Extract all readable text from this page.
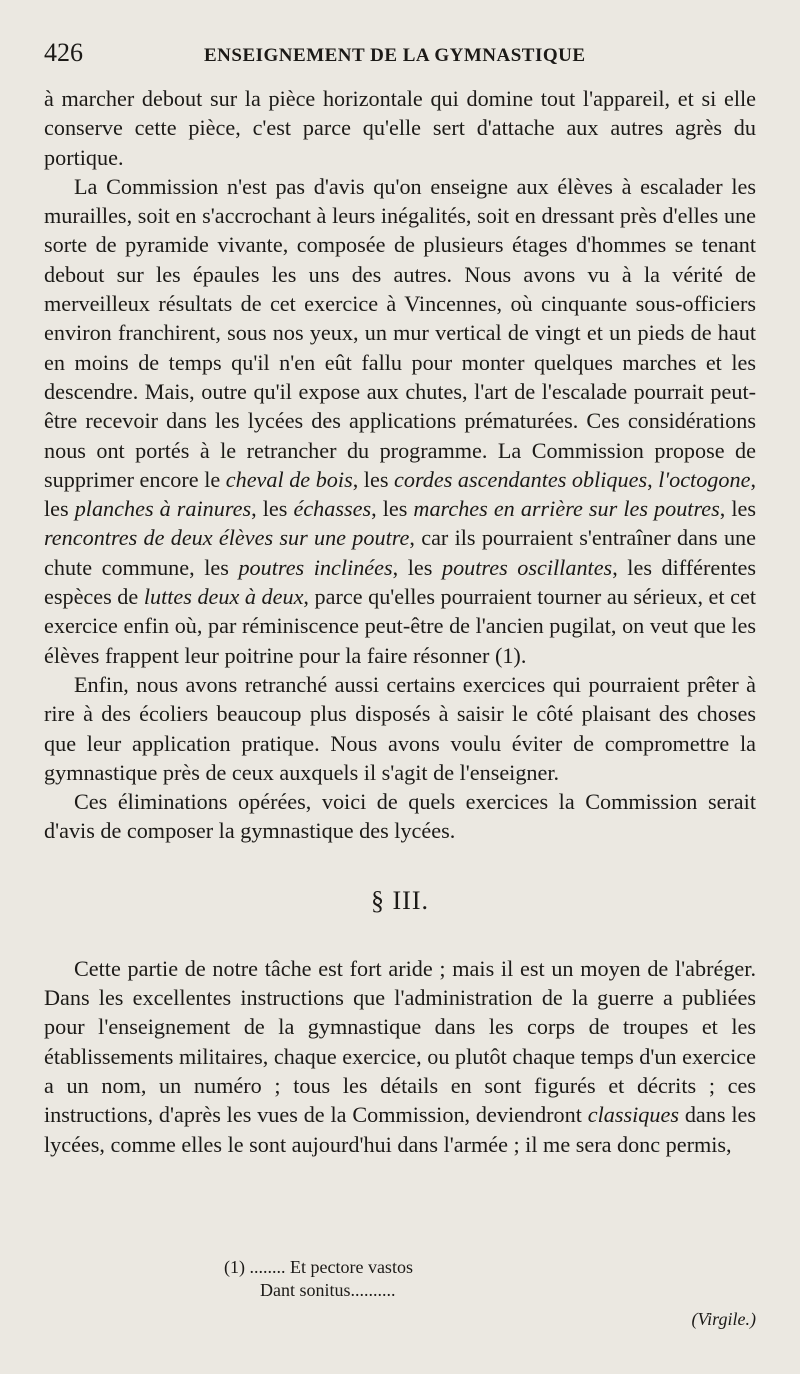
426	ENSEIGNEMENT DE LA GYMNASTIQUE

à marcher debout sur la pièce horizontale qui domine tout l'appareil, et si elle conserve cette pièce, c'est parce qu'elle sert d'attache aux autres agrès du portique.

La Commission n'est pas d'avis qu'on enseigne aux élèves à escalader les murailles, soit en s'accrochant à leurs inégalités, soit en dressant près d'elles une sorte de pyramide vivante, composée de plusieurs étages d'hommes se tenant debout sur les épaules les uns des autres. Nous avons vu à la vérité de merveilleux résultats de cet exercice à Vincennes, où cinquante sous-officiers environ franchirent, sous nos yeux, un mur vertical de vingt et un pieds de haut en moins de temps qu'il n'en eût fallu pour monter quelques marches et les descendre. Mais, outre qu'il expose aux chutes, l'art de l'escalade pourrait peut-être recevoir dans les lycées des applications prématurées. Ces considérations nous ont portés à le retrancher du programme. La Commission propose de supprimer encore le cheval de bois, les cordes ascendantes obliques, l'octogone, les planches à rainures, les échasses, les marches en arrière sur les poutres, les rencontres de deux élèves sur une poutre, car ils pourraient s'entraîner dans une chute commune, les poutres inclinées, les poutres oscillantes, les différentes espèces de luttes deux à deux, parce qu'elles pourraient tourner au sérieux, et cet exercice enfin où, par réminiscence peut-être de l'ancien pugilat, on veut que les élèves frappent leur poitrine pour la faire résonner (1).

Enfin, nous avons retranché aussi certains exercices qui pourraient prêter à rire à des écoliers beaucoup plus disposés à saisir le côté plaisant des choses que leur application pratique. Nous avons voulu éviter de compromettre la gymnastique près de ceux auxquels il s'agit de l'enseigner.

Ces éliminations opérées, voici de quels exercices la Commission serait d'avis de composer la gymnastique des lycées.

§ III.

Cette partie de notre tâche est fort aride ; mais il est un moyen de l'abréger. Dans les excellentes instructions que l'administration de la guerre a publiées pour l'enseignement de la gymnastique dans les corps de troupes et les établissements militaires, chaque exercice, ou plutôt chaque temps d'un exercice a un nom, un numéro ; tous les détails en sont figurés et décrits ; ces instructions, d'après les vues de la Commission, deviendront classiques dans les lycées, comme elles le sont aujourd'hui dans l'armée ; il me sera donc permis,

(1) ........ Et pectore vastos
Dant sonitus..........
(Virgile.)
